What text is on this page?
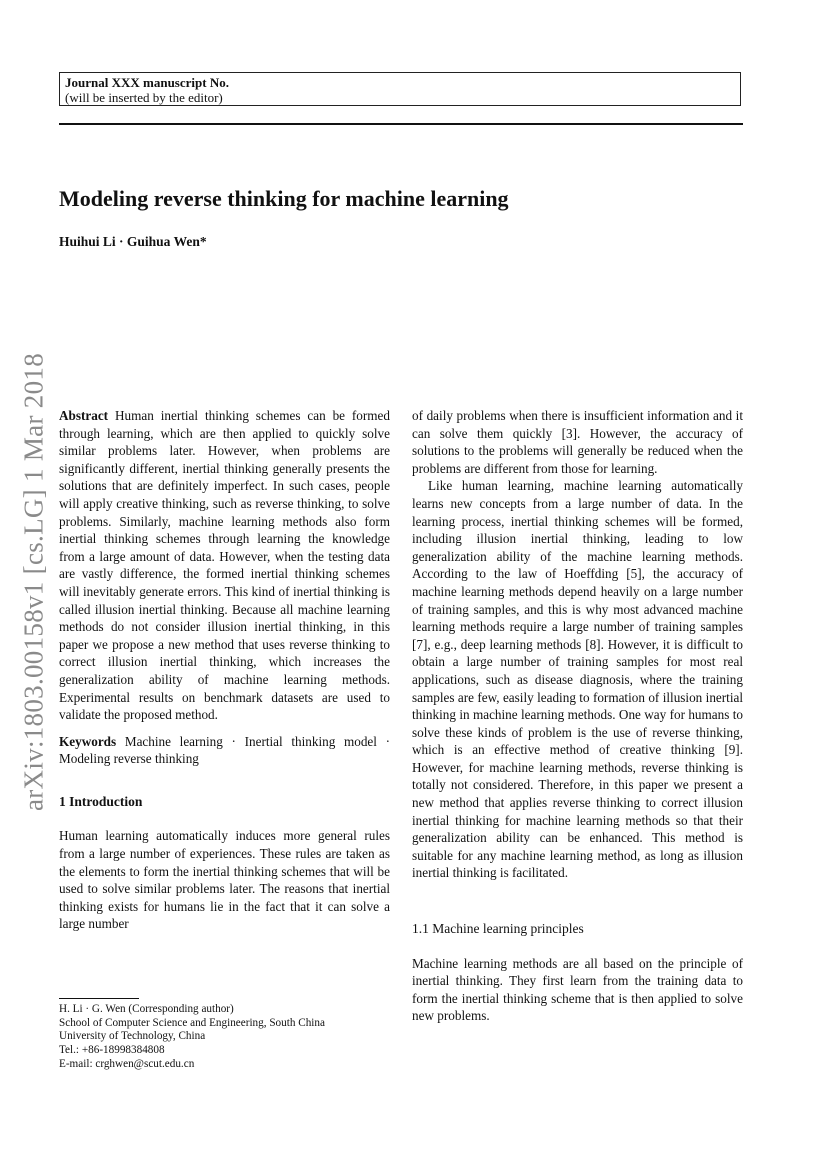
Journal XXX manuscript No.
(will be inserted by the editor)
Modeling reverse thinking for machine learning
Huihui Li · Guihua Wen*
arXiv:1803.00158v1 [cs.LG] 1 Mar 2018 Abstract Human inertial thinking schemes can be formed through learning, which are then applied to quickly solve similar problems later. However, when problems are significantly different, inertial thinking generally presents the solutions that are definitely imperfect. In such cases, people will apply creative thinking, such as reverse thinking, to solve problems. Similarly, machine learning methods also form inertial thinking schemes through learning the knowledge from a large amount of data. However, when the testing data are vastly difference, the formed inertial thinking schemes will inevitably generate errors. This kind of inertial thinking is called illusion inertial thinking. Because all machine learning methods do not consider illusion inertial thinking, in this paper we propose a new method that uses reverse thinking to correct illusion inertial thinking, which increases the generalization ability of machine learning methods. Experimental results on benchmark datasets are used to validate the proposed method.

Keywords Machine learning · Inertial thinking model · Modeling reverse thinking

1 Introduction

Human learning automatically induces more general rules from a large number of experiences. These rules are taken as the elements to form the inertial thinking schemes that will be used to solve similar problems later. The reasons that inertial thinking exists for humans lie in the fact that it can solve a large number

of daily problems when there is insufficient information and it can solve them quickly [3]. However, the accuracy of solutions to the problems will generally be reduced when the problems are different from those for learning.

Like human learning, machine learning automatically learns new concepts from a large number of data. In the learning process, inertial thinking schemes will be formed, including illusion inertial thinking, leading to low generalization ability of the machine learning methods. According to the law of Hoeffding [5], the accuracy of machine learning methods depend heavily on a large number of training samples, and this is why most advanced machine learning methods require a large number of training samples [7], e.g., deep learning methods [8]. However, it is difficult to obtain a large number of training samples for most real applications, such as disease diagnosis, where the training samples are few, easily leading to formation of illusion inertial thinking in machine learning methods. One way for humans to solve these kinds of problem is the use of reverse thinking, which is an effective method of creative thinking [9]. However, for machine learning methods, reverse thinking is totally not considered. Therefore, in this paper we present a new method that applies reverse thinking to correct illusion inertial thinking for machine learning methods so that their generalization ability can be enhanced. This method is suitable for any machine learning method, as long as illusion inertial thinking is facilitated.

1.1 Machine learning principles

Machine learning methods are all based on the principle of inertial thinking. They first learn from the training data to form the inertial thinking scheme that is then applied to solve new problems.

H. Li · G. Wen (Corresponding author)
School of Computer Science and Engineering, South China
University of Technology, China
Tel.: +86-18998384808
E-mail: crghwen@scut.edu.cn
